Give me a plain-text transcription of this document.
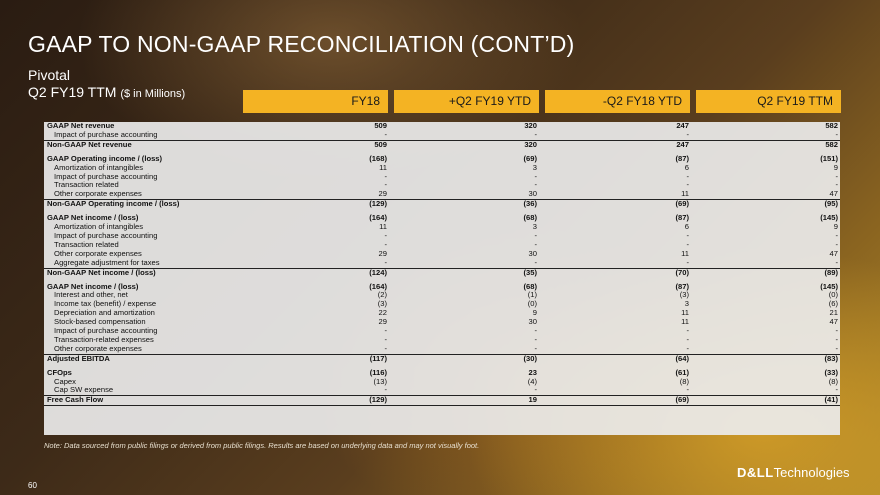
GAAP TO NON-GAAP RECONCILIATION (CONT’D)
Pivotal
Q2 FY19 TTM ($ in Millions)	FY18	+Q2 FY19 YTD	-Q2 FY18 YTD	Q2 FY19 TTM
GAAP Net revenue	509	320	247	582
Impact of purchase accounting	-	-	-	-
Non-GAAP Net revenue	509	320	247	582

GAAP Operating income / (loss)	(168)	(69)	(87)	(151)
Amortization of intangibles	11	3	6	9
Impact of purchase accounting	-	-	-	-
Transaction related	-	-	-	-
Other corporate expenses	29	30	11	47
Non-GAAP Operating income / (loss)	(129)	(36)	(69)	(95)

GAAP Net income / (loss)	(164)	(68)	(87)	(145)
Amortization of intangibles	11	3	6	9
Impact of purchase accounting	-	-	-	-
Transaction related	-	-	-	-
Other corporate expenses	29	30	11	47
Aggregate adjustment for taxes	-	-	-	-
Non-GAAP Net income / (loss)	(124)	(35)	(70)	(89)

GAAP Net income / (loss)	(164)	(68)	(87)	(145)
Interest and other, net	(2)	(1)	(3)	(0)
Income tax (benefit) / expense	(3)	(0)	3	(6)
Depreciation and amortization	22	9	11	21
Stock-based compensation	29	30	11	47
Impact of purchase accounting	-	-	-	-
Transaction-related expenses	-	-	-	-
Other corporate expenses	-	-	-	-
Adjusted EBITDA	(117)	(30)	(64)	(83)

CFOps	(116)	23	(61)	(33)
Capex	(13)	(4)	(8)	(8)
Cap SW expense	-	-	-	-
Free Cash Flow	(129)	19	(69)	(41)
Note: Data sourced from public filings or derived from public filings. Results are based on underlying data and may not visually foot.
60
D&LLTechnologies
